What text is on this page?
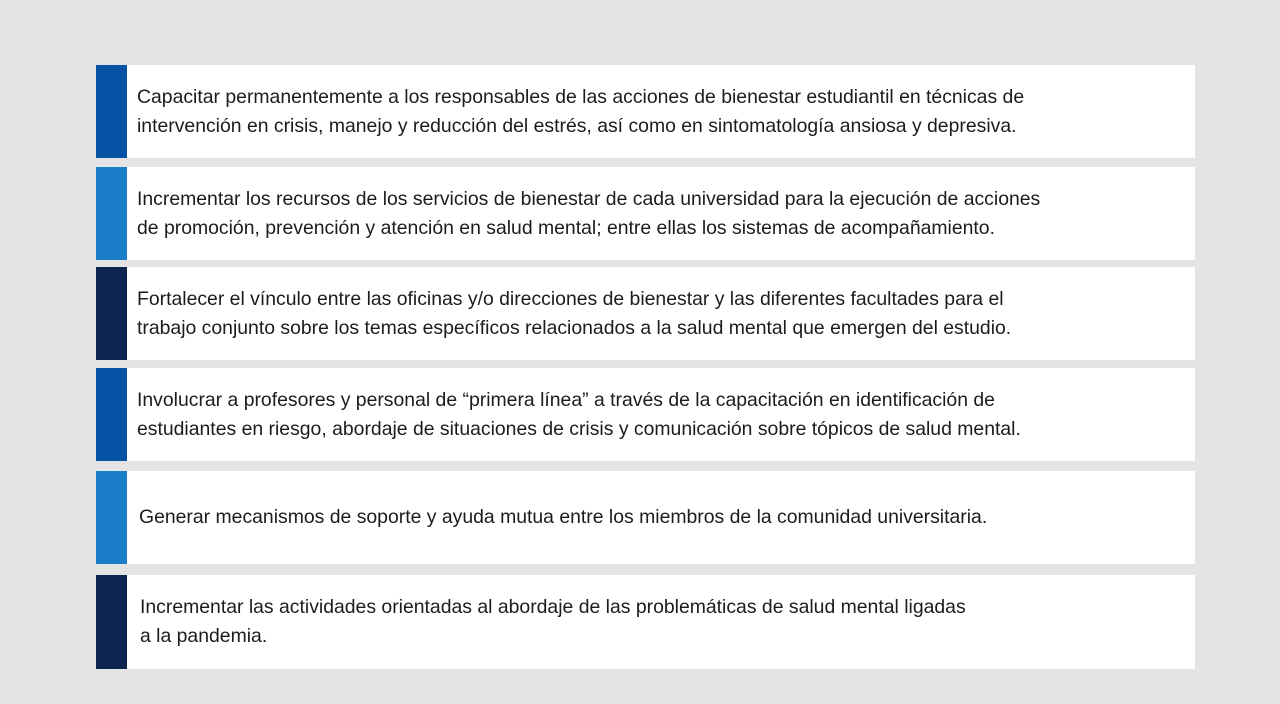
Capacitar permanentemente a los responsables de las acciones de bienestar estudiantil en técnicas de
intervención en crisis, manejo y reducción del estrés, así como en sintomatología ansiosa y depresiva.
Incrementar los recursos de los servicios de bienestar de cada universidad para la ejecución de acciones
de promoción, prevención y atención en salud mental; entre ellas los sistemas de acompañamiento.
Fortalecer el vínculo entre las oficinas y/o direcciones de bienestar y las diferentes facultades para el
trabajo conjunto sobre los temas específicos relacionados a la salud mental que emergen del estudio.
Involucrar a profesores y personal de “primera línea” a través de la capacitación en identificación de
estudiantes en riesgo, abordaje de situaciones de crisis y comunicación sobre tópicos de salud mental.
Generar mecanismos de soporte y ayuda mutua entre los miembros de la comunidad universitaria.
Incrementar las actividades orientadas al abordaje de las problemáticas de salud mental ligadas
a la pandemia.
